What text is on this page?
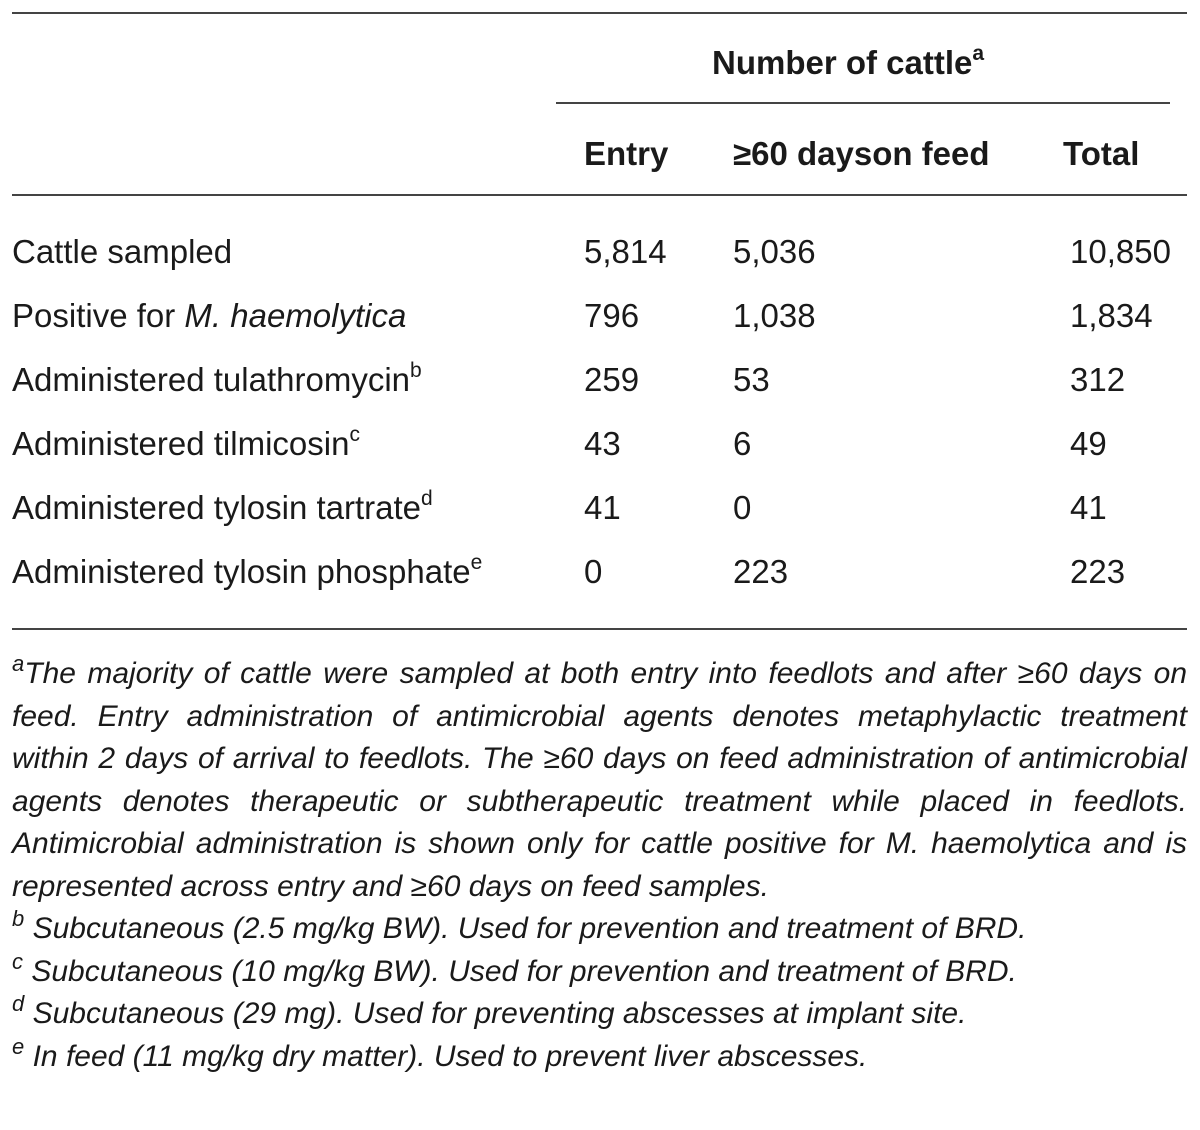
Number of cattle$^a$
Entry ≥60 dayson feed Total
Cattle sampled	5,814 5,036	10,850
Positive for M. haemolytica	796	1,038	1,834
Administered tulathromycin$^b$	259	53	312
Administered tilmicosin$^c$	43	6	49
Administered tylosin tartrate$^d$	41	0	41
Administered tylosin phosphate$^e$	0	223	223

$^a$The majority of cattle were sampled at both entry into feedlots and after ≥60 days on feed. Entry administration of antimicrobial agents denotes metaphylactic treatment within 2 days of arrival to feedlots. The ≥60 days on feed administration of antimicrobial agents denotes therapeutic or subtherapeutic treatment while placed in feedlots. Antimicrobial administration is shown only for cattle positive for M. haemolytica and is represented across entry and ≥60 days on feed samples.

$^b$ Subcutaneous (2.5 mg/kg BW). Used for prevention and treatment of BRD.

$^c$ Subcutaneous (10 mg/kg BW). Used for prevention and treatment of BRD.

$^d$ Subcutaneous (29 mg). Used for preventing abscesses at implant site.

$^e$ In feed (11 mg/kg dry matter). Used to prevent liver abscesses.
